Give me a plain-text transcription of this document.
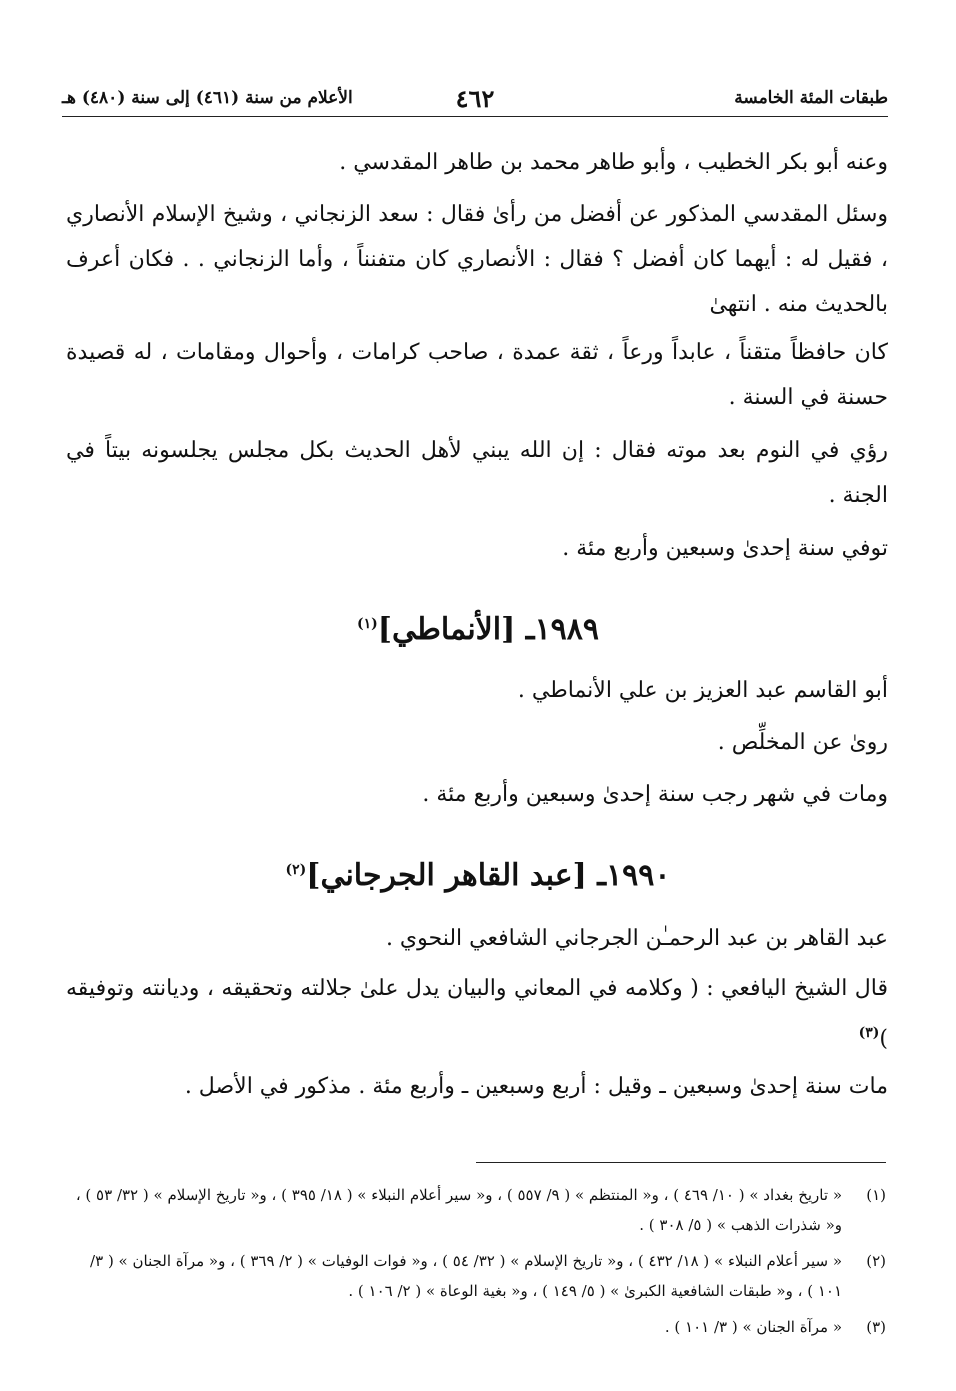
طبقات المئة الخامسة
٤٦٢
الأعلام من سنة (٤٦١) إلى سنة (٤٨٠) هـ

وعنه أبو بكر الخطيب ، وأبو طاهر محمد بن طاهر المقدسي .

وسئل المقدسي المذكور عن أفضل من رأىٰ فقال : سعد الزنجاني ، وشيخ الإسلام الأنصاري ، فقيل له : أيهما كان أفضل ؟ فقال : الأنصاري كان متفنناً ، وأما الزنجاني . . فكان أعرف بالحديث منه . انتهىٰ

كان حافظاً متقناً ، عابداً ورعاً ، ثقة عمدة ، صاحب كرامات ، وأحوال ومقامات ، له قصيدة حسنة في السنة .

رؤي في النوم بعد موته فقال : إن الله يبني لأهل الحديث بكل مجلس يجلسونه بيتاً في الجنة .

توفي سنة إحدىٰ وسبعين وأربع مئة .

١٩٨٩ـ [الأنماطي]$^{(١)}$

أبو القاسم عبد العزيز بن علي الأنماطي .

روىٰ عن المخلِّص .

ومات في شهر رجب سنة إحدىٰ وسبعين وأربع مئة .

١٩٩٠ـ [عبد القاهر الجرجاني]$^{(٢)}$

عبد القاهر بن عبد الرحمـٰن الجرجاني الشافعي النحوي .

قال الشيخ اليافعي : ( وكلامه في المعاني والبيان يدل علىٰ جلالته وتحقيقه ، وديانته وتوفيقه )$^{(٣)}$

مات سنة إحدىٰ وسبعين ـ وقيل : أربع وسبعين ـ وأربع مئة . مذكور في الأصل .

(١)
« تاريخ بغداد » ( ١٠/ ٤٦٩ ) ، و« المنتظم » ( ٩/ ٥٥٧ ) ، و« سير أعلام النبلاء » ( ١٨/ ٣٩٥ ) ، و« تاريخ الإسلام » ( ٣٢/ ٥٣ ) ، و« شذرات الذهب » ( ٥/ ٣٠٨ ) .
(٢)
« سير أعلام النبلاء » ( ١٨/ ٤٣٢ ) ، و« تاريخ الإسلام » ( ٣٢/ ٥٤ ) ، و« فوات الوفيات » ( ٢/ ٣٦٩ ) ، و« مرآة الجنان » ( ٣/ ١٠١ ) ، و« طبقات الشافعية الكبرىٰ » ( ٥/ ١٤٩ ) ، و« بغية الوعاة » ( ٢/ ١٠٦ ) .
(٣)
« مرآة الجنان » ( ٣/ ١٠١ ) .
